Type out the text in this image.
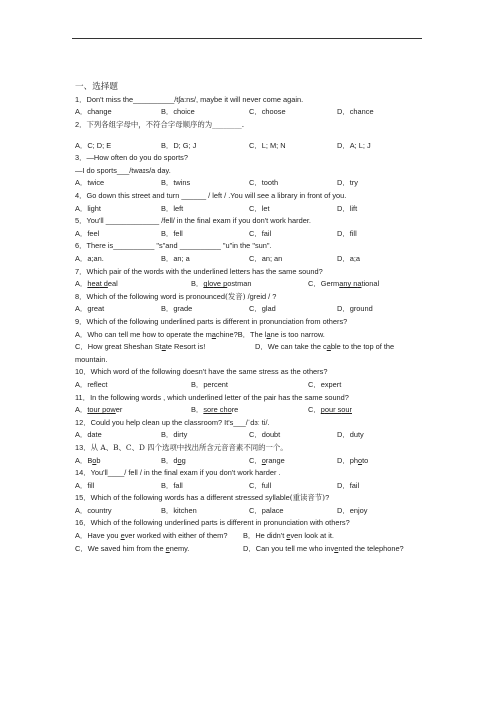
一、选择题
1．Don't miss the__________/tʃa:ns/, maybe it will never come again.
A．change	B．choice	C．choose	D．chance
2．下列各组字母中，不符合字母顺序的为________.
A．C; D; E	B．D; G; J	C．L; M; N	D．A; L; J
3．—How often do you do sports?
—I do sports___/twaɪs/a day.
A．twice	B．twins	C．tooth	D．try
4．Go down this street and turn ______ / left / .You will see a library in front of you.
A．light	B．left	C．let	D．lift
5．You'll _____________ /fell/ in the final exam if you don't work harder.
A．feel	B．fell	C．fail	D．fill
6．There is__________ "s"and __________ "u"in the "sun".
A．a;an.	B．an; a	C．an; an	D．a;a
7．Which pair of the words with the underlined letters has the same sound?
A．heat deal	B．glove postman	C．Germany national
8．Which of the following word is pronounced(发音) /greid / ?
A．great	B．grade	C．glad	D．ground
9．Which of the following underlined parts is different in pronunciation from others?
A．Who can tell me how to operate the machine?B．The lane is too narrow.
C．How great Sheshan State Resort is!	D．We can take the cable to the top of the
mountain.
10．Which word of the following doesn't have the same stress as the others?
A．reflect	B．percent	C．expert
11．In the following words , which underlined letter of the pair has the same sound?
A．tour power	B．sore chore	C．pour sour
12．Could you help clean up the classroom? It's___/ˈdɜː ti/.
A．date	B．dirty	C．doubt	D．duty
13．从 A、B、C、D 四个选项中找出所含元音音素不同的一个。
A．Bob	B．dog	C．orange	D．photo
14．You'll____/ fell / in the final exam if you don't work harder .
A．fill	B．fall	C．full	D．fail
15．Which of the following words has a different stressed syllable(重读音节)?
A．country	B．kitchen	C．palace	D．enjoy
16．Which of the following underlined parts is different in pronunciation with others?
A．Have you ever worked with either of them?	B．He didn't even look at it.
C．We saved him from the enemy.	D．Can you tell me who invented the telephone?
